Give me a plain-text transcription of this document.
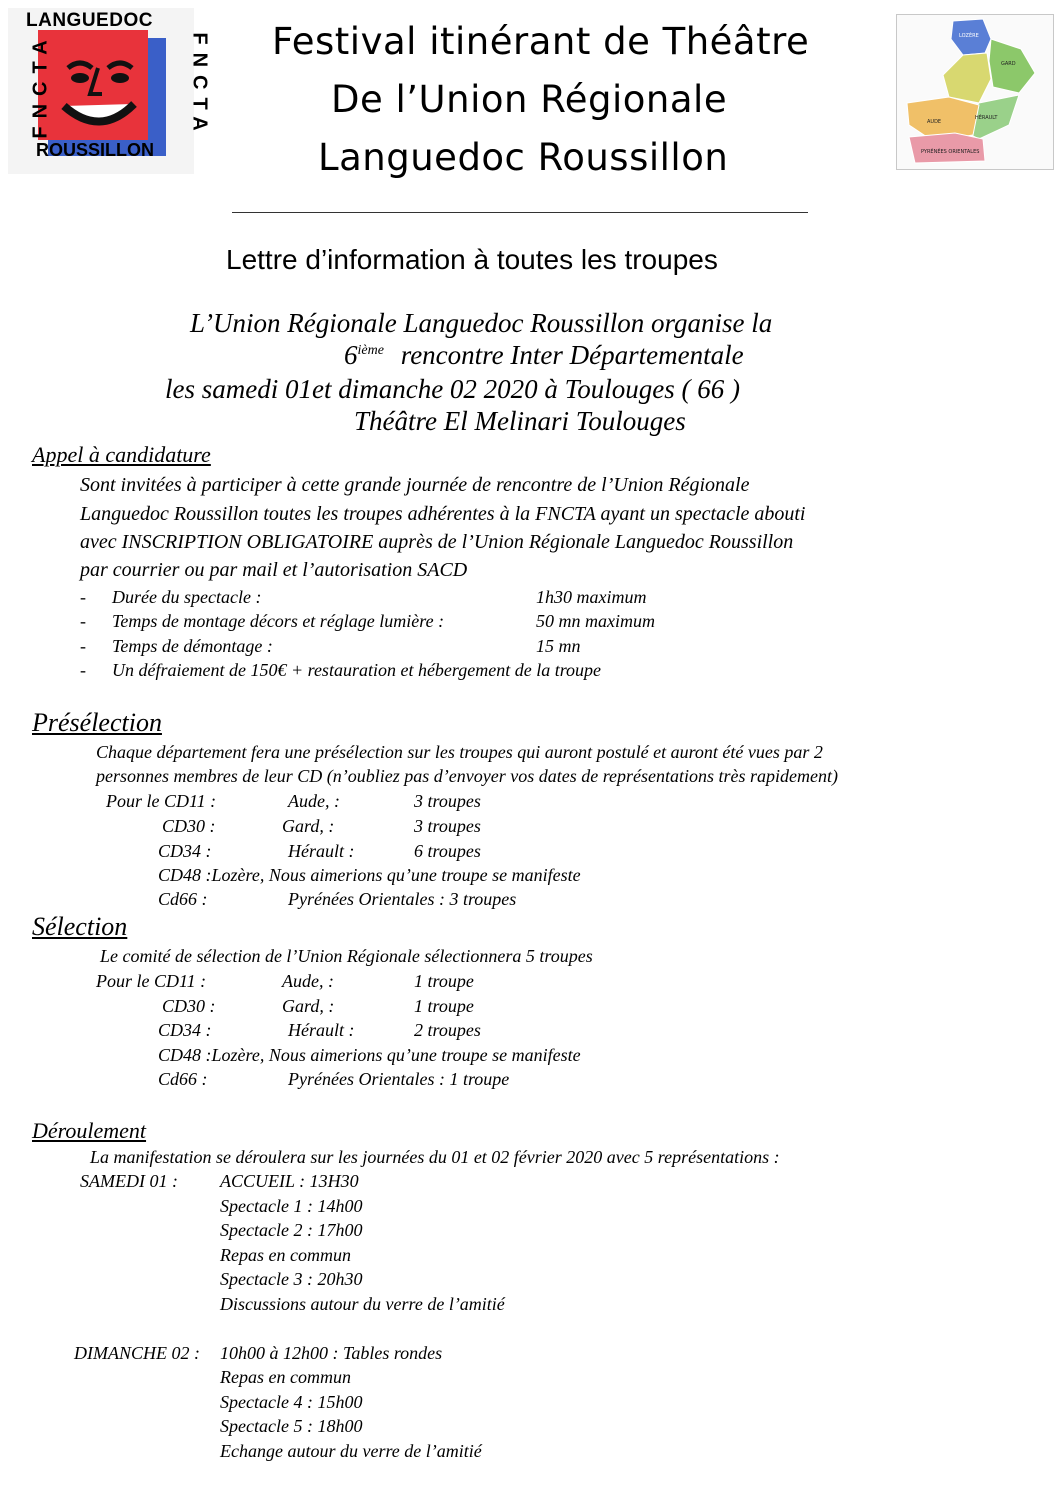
LANGUEDOC
ROUSSILLON
FNCTA	FNCTA	LOZÈRE
GARD
HÉRAULT
AUDE
PYRÉNÉES ORIENTALES
Festival itinérant de Théâtre
De l’Union Régionale
Languedoc Roussillon
Lettre d’information à toutes les troupes
L’Union Régionale Languedoc Roussillon organise la
6ième rencontre Inter Départementale
les samedi 01et dimanche 02 2020 à Toulouges ( 66 )
Théâtre El Melinari Toulouges
Appel à candidature
Sont invitées à participer à cette grande journée de rencontre de l’Union Régionale
Languedoc Roussillon toutes les troupes adhérentes à la FNCTA ayant un spectacle abouti
avec INSCRIPTION OBLIGATOIRE auprès de l’Union Régionale Languedoc Roussillon
par courrier ou par mail et l’autorisation SACD
- Durée du spectacle :	1h30 maximum
- Temps de montage décors et réglage lumière :	50 mn maximum
- Temps de démontage :	15 mn
- Un défraiement de 150€ + restauration et hébergement de la troupe
Présélection
Chaque département fera une présélection sur les troupes qui auront postulé et auront été vues par 2
personnes membres de leur CD (n’oubliez pas d’envoyer vos dates de représentations très rapidement)
Pour le CD11 :	Aude, :	3 troupes
CD30 :	Gard, :	3 troupes
CD34 :	Hérault :	6 troupes
CD48 :Lozère, Nous aimerions qu’une troupe se manifeste
Cd66 :	Pyrénées Orientales : 3 troupes
Sélection
Le comité de sélection de l’Union Régionale sélectionnera 5 troupes
Pour le CD11 :	Aude, :	1 troupe
CD30 :	Gard, :	1 troupe
CD34 :	Hérault :	2 troupes
CD48 :Lozère, Nous aimerions qu’une troupe se manifeste
Cd66 :	Pyrénées Orientales : 1 troupe
Déroulement
La manifestation se déroulera sur les journées du 01 et 02 février 2020 avec 5 représentations :
SAMEDI 01 : ACCUEIL : 13H30
Spectacle 1 : 14h00
Spectacle 2 : 17h00
Repas en commun
Spectacle 3 : 20h30
Discussions autour du verre de l’amitié
DIMANCHE 02 : 10h00 à 12h00 : Tables rondes
Repas en commun
Spectacle 4 : 15h00
Spectacle 5 : 18h00
Echange autour du verre de l’amitié
